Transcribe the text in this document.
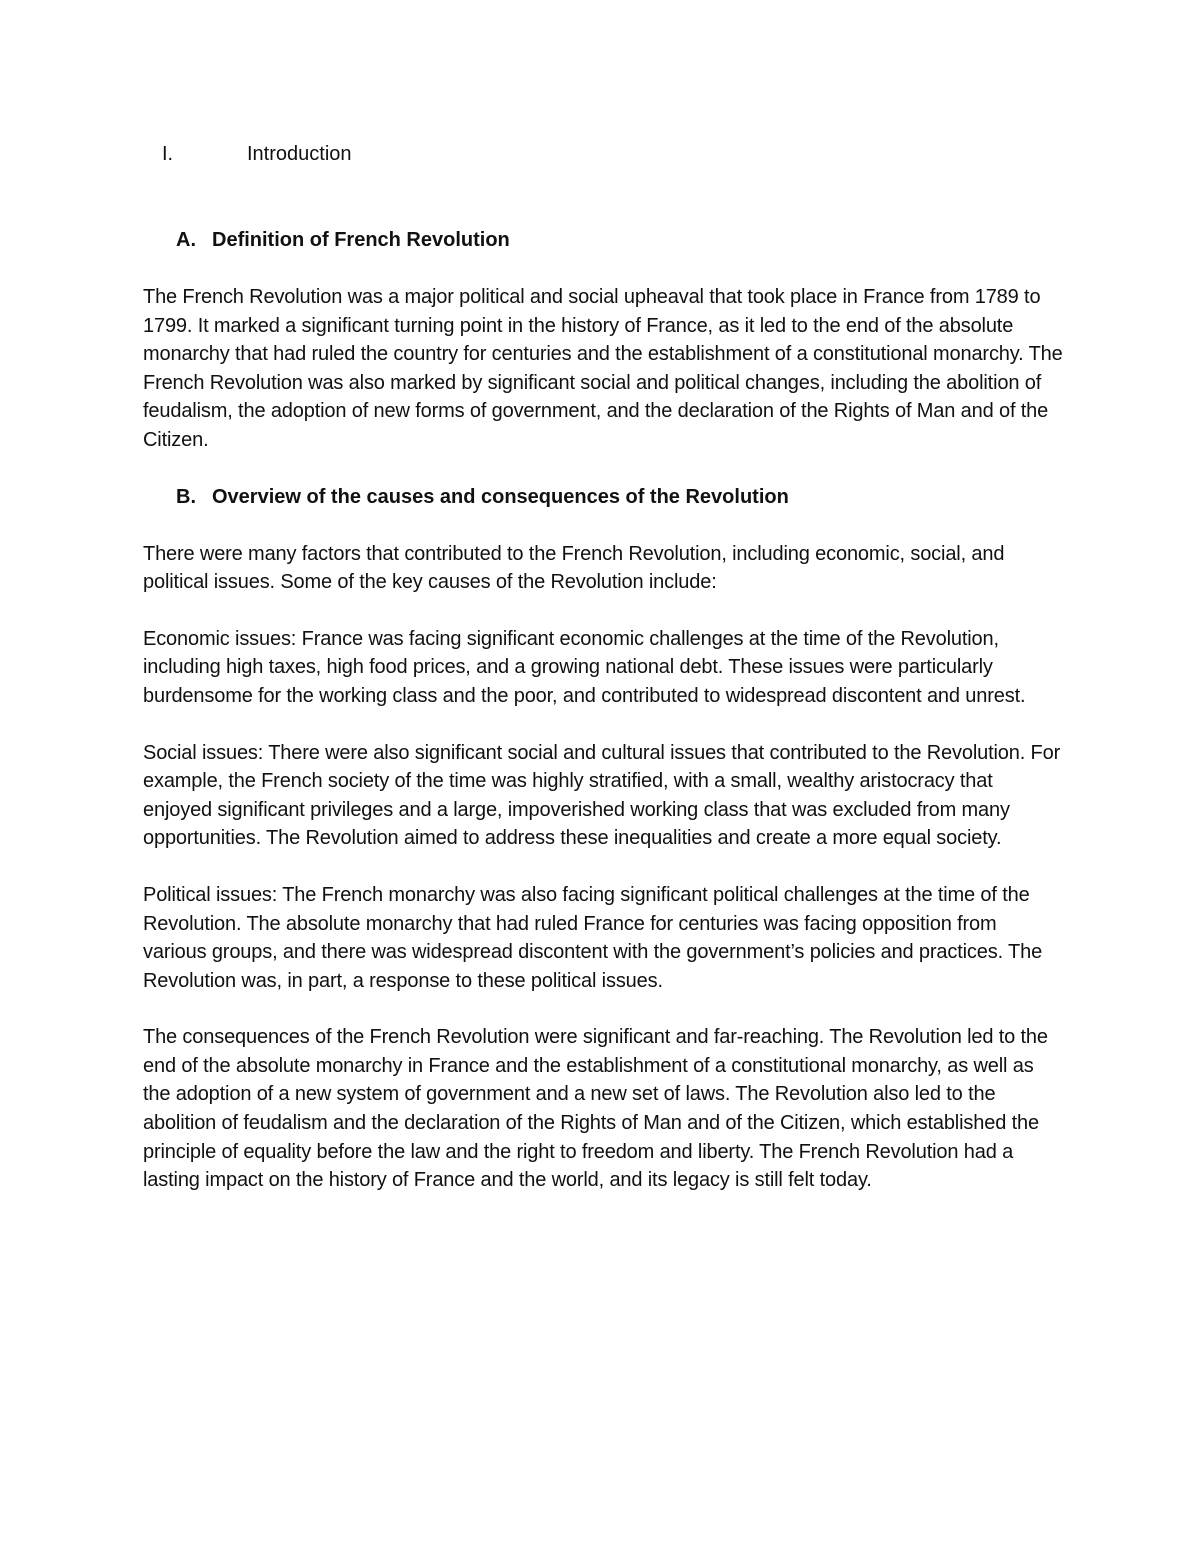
I.	Introduction
A. Definition of French Revolution

The French Revolution was a major political and social upheaval that took place in France from 1789 to 1799. It marked a significant turning point in the history of France, as it led to the end of the absolute monarchy that had ruled the country for centuries and the establishment of a constitutional monarchy. The French Revolution was also marked by significant social and political changes, including the abolition of feudalism, the adoption of new forms of government, and the declaration of the Rights of Man and of the Citizen.

B. Overview of the causes and consequences of the Revolution

There were many factors that contributed to the French Revolution, including economic, social, and political issues. Some of the key causes of the Revolution include:

Economic issues: France was facing significant economic challenges at the time of the Revolution, including high taxes, high food prices, and a growing national debt. These issues were particularly burdensome for the working class and the poor, and contributed to widespread discontent and unrest.

Social issues: There were also significant social and cultural issues that contributed to the Revolution. For example, the French society of the time was highly stratified, with a small, wealthy aristocracy that enjoyed significant privileges and a large, impoverished working class that was excluded from many opportunities. The Revolution aimed to address these inequalities and create a more equal society.

Political issues: The French monarchy was also facing significant political challenges at the time of the Revolution. The absolute monarchy that had ruled France for centuries was facing opposition from various groups, and there was widespread discontent with the government’s policies and practices. The Revolution was, in part, a response to these political issues.

The consequences of the French Revolution were significant and far-reaching. The Revolution led to the end of the absolute monarchy in France and the establishment of a constitutional monarchy, as well as the adoption of a new system of government and a new set of laws. The Revolution also led to the abolition of feudalism and the declaration of the Rights of Man and of the Citizen, which established the principle of equality before the law and the right to freedom and liberty. The French Revolution had a lasting impact on the history of France and the world, and its legacy is still felt today.
